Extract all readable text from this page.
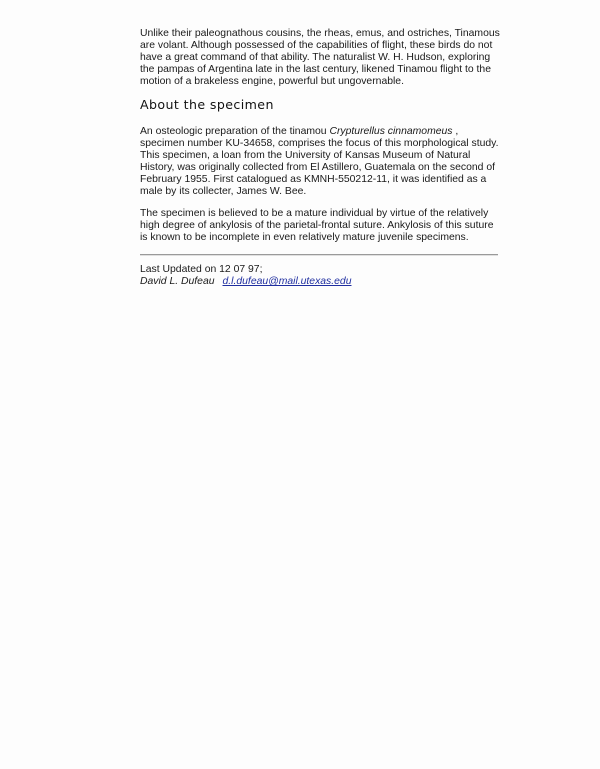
Unlike their paleognathous cousins, the rheas, emus, and ostriches, Tinamous are volant. Although possessed of the capabilities of flight, these birds do not have a great command of that ability. The naturalist W. H. Hudson, exploring the pampas of Argentina late in the last century, likened Tinamou flight to the motion of a brakeless engine, powerful but ungovernable.

About the specimen

An osteologic preparation of the tinamou Crypturellus cinnamomeus , specimen number KU-34658, comprises the focus of this morphological study. This specimen, a loan from the University of Kansas Museum of Natural History, was originally collected from El Astillero, Guatemala on the second of February 1955. First catalogued as KMNH-550212-11, it was identified as a male by its collecter, James W. Bee.

The specimen is believed to be a mature individual by virtue of the relatively high degree of ankylosis of the parietal-frontal suture. Ankylosis of this suture is known to be incomplete in even relatively mature juvenile specimens.

Last Updated on 12 07 97;
David L. Dufeau d.l.dufeau@mail.utexas.edu
